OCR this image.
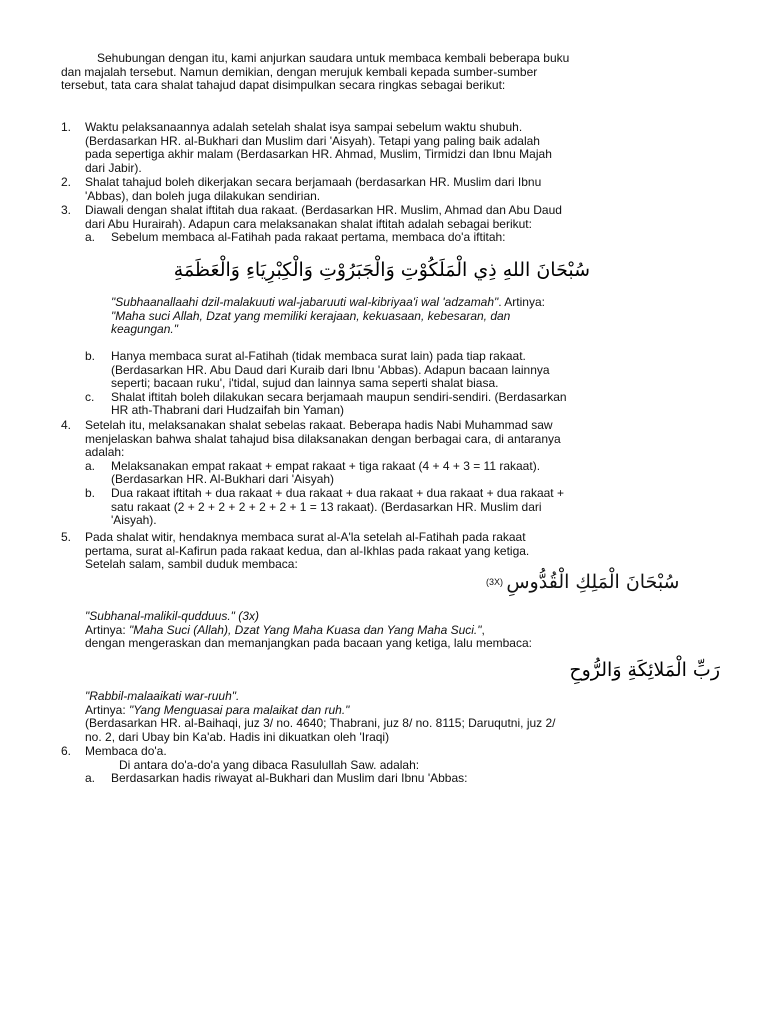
Sehubungan dengan itu, kami anjurkan saudara untuk membaca kembali beberapa buku
dan majalah tersebut. Namun demikian, dengan merujuk kembali kepada sumber-sumber
tersebut, tata cara shalat tahajud dapat disimpulkan secara ringkas sebagai berikut:
1. Waktu pelaksanaannya adalah setelah shalat isya sampai sebelum waktu shubuh.
(Berdasarkan HR. al-Bukhari dan Muslim dari 'Aisyah). Tetapi yang paling baik adalah
pada sepertiga akhir malam (Berdasarkan HR. Ahmad, Muslim, Tirmidzi dan Ibnu Majah
dari Jabir).
2. Shalat tahajud boleh dikerjakan secara berjamaah (berdasarkan HR. Muslim dari Ibnu
'Abbas), dan boleh juga dilakukan sendirian.
3. Diawali dengan shalat iftitah dua rakaat. (Berdasarkan HR. Muslim, Ahmad dan Abu Daud
dari Abu Hurairah). Adapun cara melaksanakan shalat iftitah adalah sebagai berikut:
a. Sebelum membaca al-Fatihah pada rakaat pertama, membaca do'a iftitah:
سُبْحَانَ اللهِ ذِي الْمَلَكُوْتِ وَالْجَبَرُوْتِ وَالْكِبْرِيَاءِ وَالْعَظَمَةِ
"Subhaanallaahi dzil-malakuuti wal-jabaruuti wal-kibriyaa'i wal 'adzamah". Artinya:
"Maha suci Allah, Dzat yang memiliki kerajaan, kekuasaan, kebesaran, dan
keagungan."
b. Hanya membaca surat al-Fatihah (tidak membaca surat lain) pada tiap rakaat.
(Berdasarkan HR. Abu Daud dari Kuraib dari Ibnu 'Abbas). Adapun bacaan lainnya
seperti; bacaan ruku', i'tidal, sujud dan lainnya sama seperti shalat biasa.
c. Shalat iftitah boleh dilakukan secara berjamaah maupun sendiri-sendiri. (Berdasarkan
HR ath-Thabrani dari Hudzaifah bin Yaman)
4. Setelah itu, melaksanakan shalat sebelas rakaat. Beberapa hadis Nabi Muhammad saw
menjelaskan bahwa shalat tahajud bisa dilaksanakan dengan berbagai cara, di antaranya
adalah:
a. Melaksanakan empat rakaat + empat rakaat + tiga rakaat (4 + 4 + 3 = 11 rakaat).
(Berdasarkan HR. Al-Bukhari dari 'Aisyah)
b. Dua rakaat iftitah + dua rakaat + dua rakaat + dua rakaat + dua rakaat + dua rakaat +
satu rakaat (2 + 2 + 2 + 2 + 2 + 2 + 1 = 13 rakaat). (Berdasarkan HR. Muslim dari
'Aisyah).
5. Pada shalat witir, hendaknya membaca surat al-A'la setelah al-Fatihah pada rakaat
pertama, surat al-Kafirun pada rakaat kedua, dan al-Ikhlas pada rakaat yang ketiga.
Setelah salam, sambil duduk membaca:
(3X) سُبْحَانَ الْمَلِكِ الْقُدُّوسِ
"Subhanal-malikil-qudduus." (3x)
Artinya: "Maha Suci (Allah), Dzat Yang Maha Kuasa dan Yang Maha Suci.",
dengan mengeraskan dan memanjangkan pada bacaan yang ketiga, lalu membaca:
رَبِّ الْمَلائِكَةِ وَالرُّوحِ
"Rabbil-malaaikati war-ruuh".
Artinya: "Yang Menguasai para malaikat dan ruh."
(Berdasarkan HR. al-Baihaqi, juz 3/ no. 4640; Thabrani, juz 8/ no. 8115; Daruqutni, juz 2/
no. 2, dari Ubay bin Ka'ab. Hadis ini dikuatkan oleh 'Iraqi)
6. Membaca do'a.
Di antara do'a-do'a yang dibaca Rasulullah Saw. adalah:
a. Berdasarkan hadis riwayat al-Bukhari dan Muslim dari Ibnu 'Abbas:
